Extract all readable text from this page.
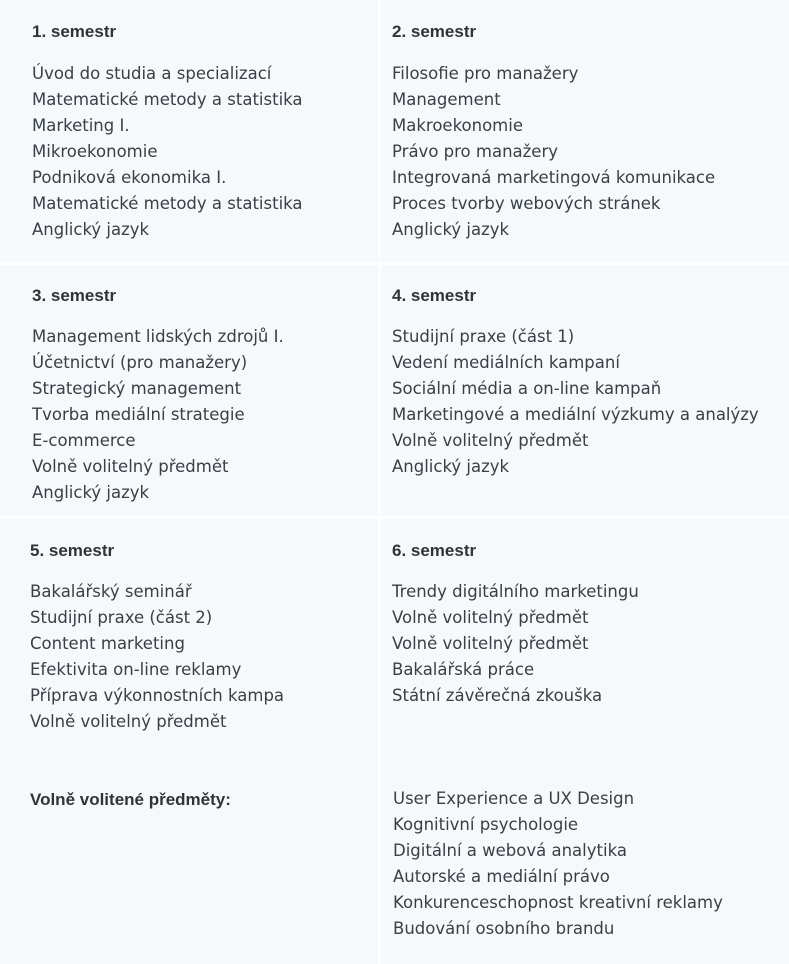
1. semestr
Úvod do studia a specializací
Matematické metody a statistika
Marketing I.
Mikroekonomie
Podniková ekonomika I.
Matematické metody a statistika
Anglický jazyk
2. semestr
Filosofie pro manažery
Management
Makroekonomie
Právo pro manažery
Integrovaná marketingová komunikace
Proces tvorby webových stránek
Anglický jazyk
3. semestr
Management lidských zdrojů I.
Účetnictví (pro manažery)
Strategický management
Tvorba mediální strategie
E-commerce
Volně volitelný předmět
Anglický jazyk
4. semestr
Studijní praxe (část 1)
Vedení mediálních kampaní
Sociální média a on-line kampaň
Marketingové a mediální výzkumy a analýzy
Volně volitelný předmět
Anglický jazyk
5. semestr
Bakalářský seminář
Studijní praxe (část 2)
Content marketing
Efektivita on-line reklamy
Příprava výkonnostních kampa
Volně volitelný předmět
6. semestr
Trendy digitálního marketingu
Volně volitelný předmět
Volně volitelný předmět
Bakalářská práce
Státní závěrečná zkouška
Volně volitené předměty:	User Experience a UX Design
Kognitivní psychologie
Digitální a webová analytika
Autorské a mediální právo
Konkurenceschopnost kreativní reklamy
Budování osobního brandu
